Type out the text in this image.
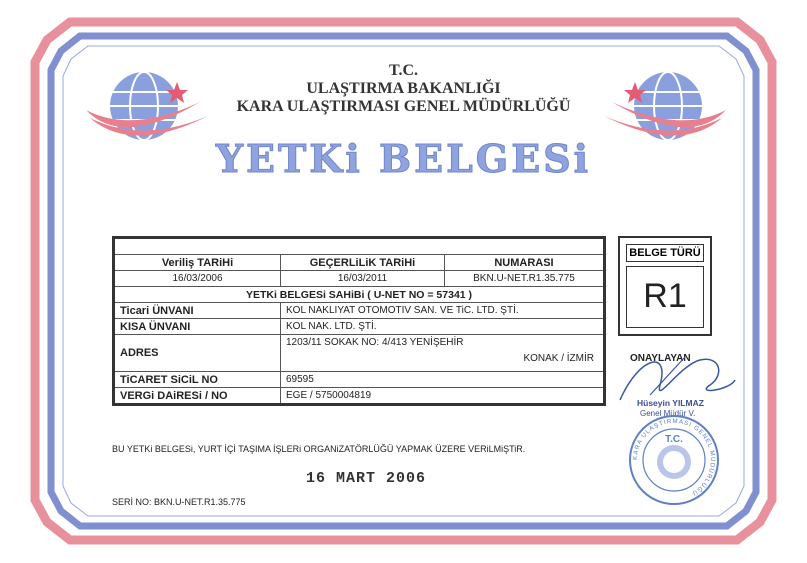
T.C.
ULAŞTIRMA BAKANLIĞI
KARA ULAŞTIRMASI GENEL MÜDÜRLÜĞÜ
YETKi BELGESi

Veriliş TARiHi	GEÇERLiLiK TARiHi	NUMARASI
16/03/2006	16/03/2011	BKN.U-NET.R1.35.775
YETKi BELGESi SAHiBi ( U-NET NO = 57341 )		
Ticari ÜNVANI	KOL NAKLIYAT OTOMOTIV SAN. VE TiC. LTD. ŞTİ.	
KISA ÜNVANI	KOL NAK. LTD. ŞTİ.	
ADRES	1203/11 SOKAK NO: 4/413 YENİŞEHİR
KONAK / İZMİR	

TiCARET SiCiL NO	69595	
VERGi DAiRESi / NO	EGE / 5750004819	
BELGE TÜRÜ
R1
ONAYLAYAN
Hüseyin YILMAZ
Genel Müdür V.
KARA ULAŞTIRMASI GENEL MÜDÜRLÜĞÜ
T.C.
BU YETKi BELGESi, YURT İÇİ TAŞIMA İŞLERi ORGANiZATÖRLÜĞÜ YAPMAK ÜZERE VERiLMiŞTiR.
16 MART 2006
SERİ NO: BKN.U-NET.R1.35.775
